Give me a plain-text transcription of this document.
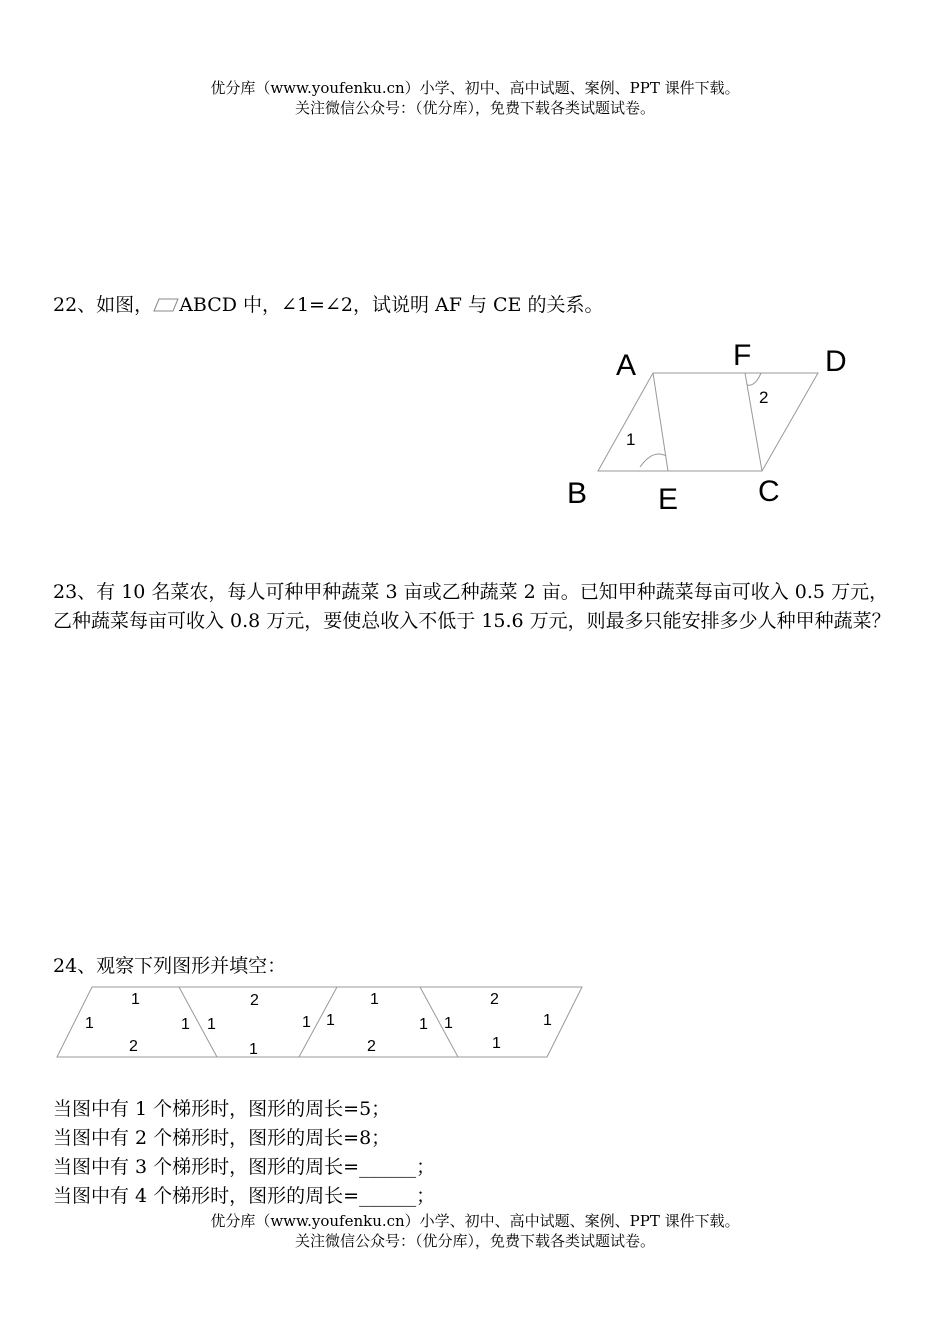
优分库（www.youfenku.cn）小学、初中、高中试题、案例、PPT 课件下载。
关注微信公众号：（优分库），免费下载各类试题试卷。
22、如图， ABCD 中，∠1=∠2，试说明 AF 与 CE 的关系。
A	F D
B E	C
1
2
23、有 10 名菜农，每人可种甲种蔬菜 3 亩或乙种蔬菜 2 亩。已知甲种蔬菜每亩可收入 0.5 万元，乙种蔬菜每亩可收入 0.8 万元，要使总收入不低于 15.6 万元，则最多只能安排多少人种甲种蔬菜？
24、观察下列图形并填空：
1
1
2
1
2
1
1
1 1
2
1
1
2
1
1
1
当图中有 1 个梯形时，图形的周长=5；
当图中有 2 个梯形时，图形的周长=8；
当图中有 3 个梯形时，图形的周长=______；
当图中有 4 个梯形时，图形的周长=______；
优分库（www.youfenku.cn）小学、初中、高中试题、案例、PPT 课件下载。
关注微信公众号：（优分库），免费下载各类试题试卷。
